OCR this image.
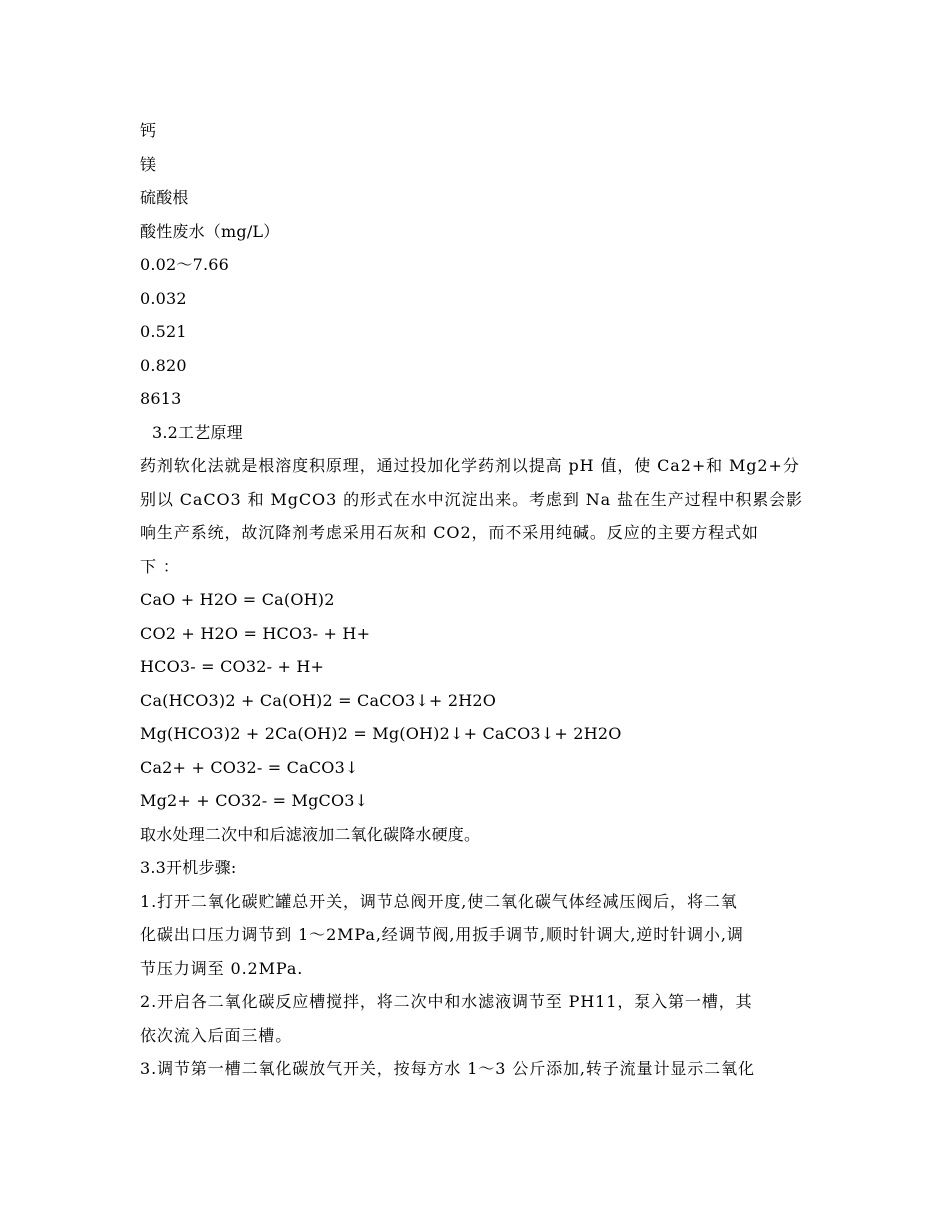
钙
镁
硫酸根
酸性废水（mg/L）
0.02～7.66
0.032
0.521
0.820
8613
3.2工艺原理
药剂软化法就是根溶度积原理，通过投加化学药剂以提高 pH 值，使 Ca2+和 Mg2+分
别以 CaCO3 和 MgCO3 的形式在水中沉淀出来。考虑到 Na 盐在生产过程中积累会影
响生产系统，故沉降剂考虑采用石灰和 CO2，而不采用纯碱。反应的主要方程式如
下 ：
CaO + H2O = Ca(OH)2
CO2 + H2O = HCO3- + H+
HCO3- = CO32- + H+
Ca(HCO3)2 + Ca(OH)2 = CaCO3↓+ 2H2O
Mg(HCO3)2 + 2Ca(OH)2 = Mg(OH)2↓+ CaCO3↓+ 2H2O
Ca2+ + CO32- = CaCO3↓
Mg2+ + CO32- = MgCO3↓
取水处理二次中和后滤液加二氧化碳降水硬度。
3.3开机步骤:
1.打开二氧化碳贮罐总开关，调节总阀开度,使二氧化碳气体经减压阀后，将二氧
化碳出口压力调节到 1～2MPa,经调节阀,用扳手调节,顺时针调大,逆时针调小,调
节压力调至 0.2MPa.
2.开启各二氧化碳反应槽搅拌，将二次中和水滤液调节至 PH11，泵入第一槽，其
依次流入后面三槽。
3.调节第一槽二氧化碳放气开关，按每方水 1～3 公斤添加,转子流量计显示二氧化
